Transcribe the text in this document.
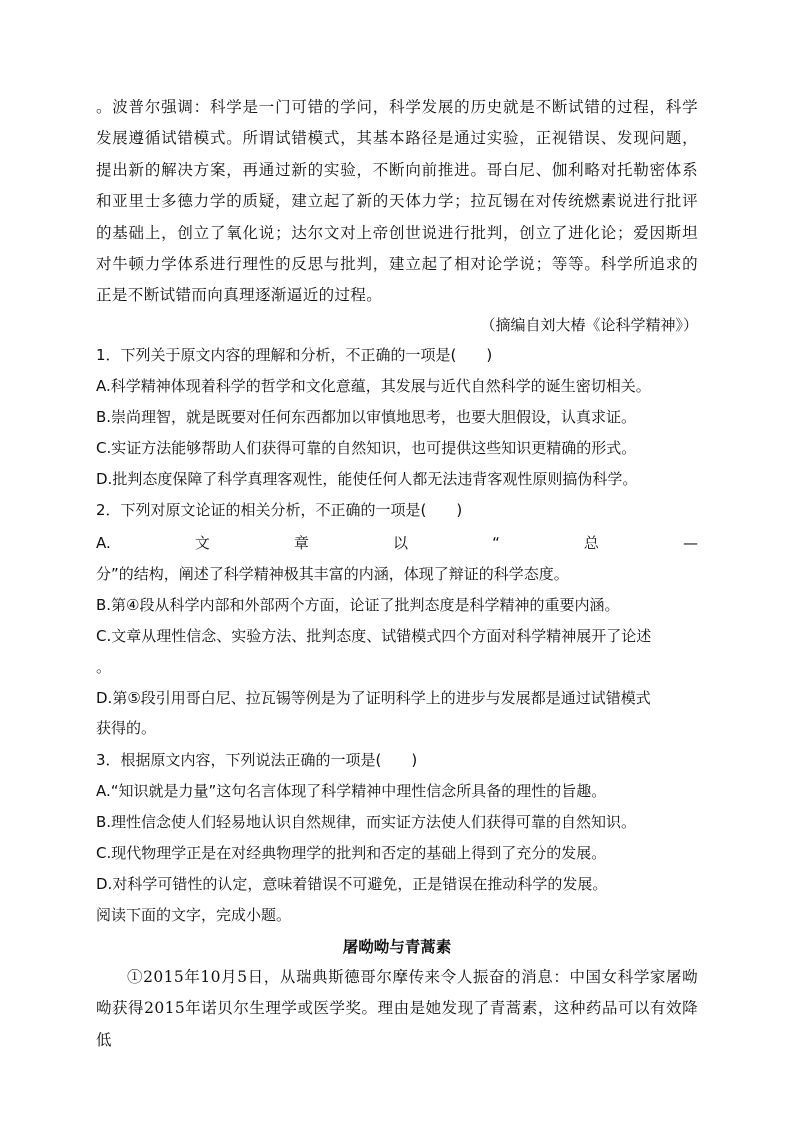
。波普尔强调：科学是一门可错的学问，科学发展的历史就是不断试错的过程，科学发展遵循试错模式。所谓试错模式，其基本路径是通过实验，正视错误、发现问题，提出新的解决方案，再通过新的实验，不断向前推进。哥白尼、伽利略对托勒密体系和亚里士多德力学的质疑，建立起了新的天体力学；拉瓦锡在对传统燃素说进行批评的基础上，创立了氧化说；达尔文对上帝创世说进行批判，创立了进化论；爱因斯坦对牛顿力学体系进行理性的反思与批判，建立起了相对论学说；等等。科学所追求的正是不断试错而向真理逐渐逼近的过程。
（摘编自刘大椿《论科学精神》）
1．下列关于原文内容的理解和分析，不正确的一项是(　　)
A.科学精神体现着科学的哲学和文化意蕴，其发展与近代自然科学的诞生密切相关。
B.崇尚理智，就是既要对任何东西都加以审慎地思考，也要大胆假设，认真求证。
C.实证方法能够帮助人们获得可靠的自然知识，也可提供这些知识更精确的形式。
D.批判态度保障了科学真理客观性，能使任何人都无法违背客观性原则搞伪科学。
2．下列对原文论证的相关分析，不正确的一项是(　　)
A.	文	章	以	“	总	—
分”的结构，阐述了科学精神极其丰富的内涵，体现了辩证的科学态度。
B.第④段从科学内部和外部两个方面，论证了批判态度是科学精神的重要内涵。
C.文章从理性信念、实验方法、批判态度、试错模式四个方面对科学精神展开了论述
。
D.第⑤段引用哥白尼、拉瓦锡等例是为了证明科学上的进步与发展都是通过试错模式
获得的。
3．根据原文内容，下列说法正确的一项是(　　)
A.“知识就是力量”这句名言体现了科学精神中理性信念所具备的理性的旨趣。
B.理性信念使人们轻易地认识自然规律，而实证方法使人们获得可靠的自然知识。
C.现代物理学正是在对经典物理学的批判和否定的基础上得到了充分的发展。
D.对科学可错性的认定，意味着错误不可避免，正是错误在推动科学的发展。
阅读下面的文字，完成小题。
屠呦呦与青蒿素
①2015年10月5日，从瑞典斯德哥尔摩传来令人振奋的消息：中国女科学家屠呦呦获得2015年诺贝尔生理学或医学奖。理由是她发现了青蒿素，这种药品可以有效降低
